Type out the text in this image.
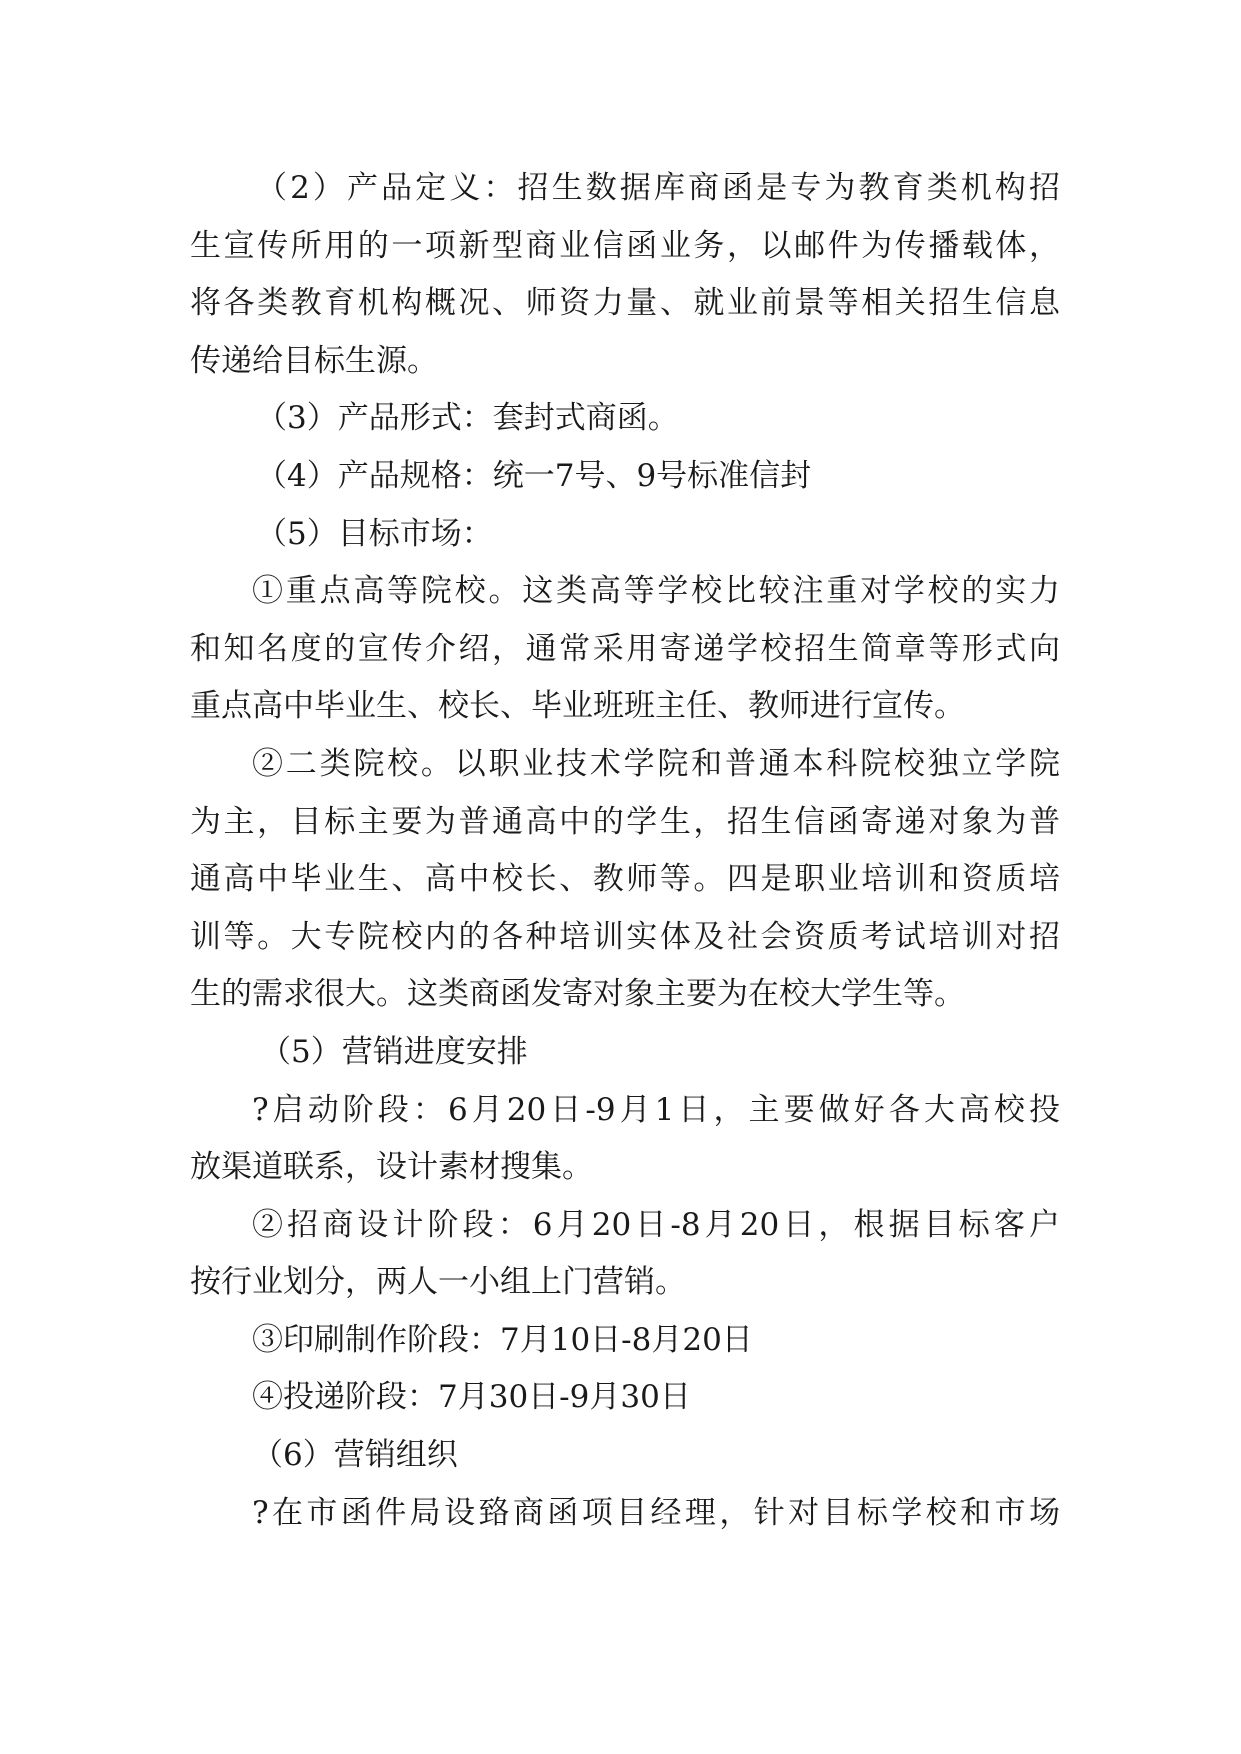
（2）产品定义：招生数据库商函是专为教育类机构招
生宣传所用的一项新型商业信函业务，以邮件为传播载体，
将各类教育机构概况、师资力量、就业前景等相关招生信息
传递给目标生源。
（3）产品形式：套封式商函。
（4）产品规格：统一7号、9号标准信封
（5）目标市场：
①重点高等院校。这类高等学校比较注重对学校的实力
和知名度的宣传介绍，通常采用寄递学校招生简章等形式向
重点高中毕业生、校长、毕业班班主任、教师进行宣传。
②二类院校。以职业技术学院和普通本科院校独立学院
为主，目标主要为普通高中的学生，招生信函寄递对象为普
通高中毕业生、高中校长、教师等。四是职业培训和资质培
训等。大专院校内的各种培训实体及社会资质考试培训对招
生的需求很大。这类商函发寄对象主要为在校大学生等。
（5）营销进度安排
?启动阶段：6月20日-9月1日，主要做好各大高校投
放渠道联系，设计素材搜集。
②招商设计阶段：6月20日-8月20日，根据目标客户
按行业划分，两人一小组上门营销。
③印刷制作阶段：7月10日-8月20日
④投递阶段：7月30日-9月30日
（6）营销组织
?在市函件局设臵商函项目经理，针对目标学校和市场
